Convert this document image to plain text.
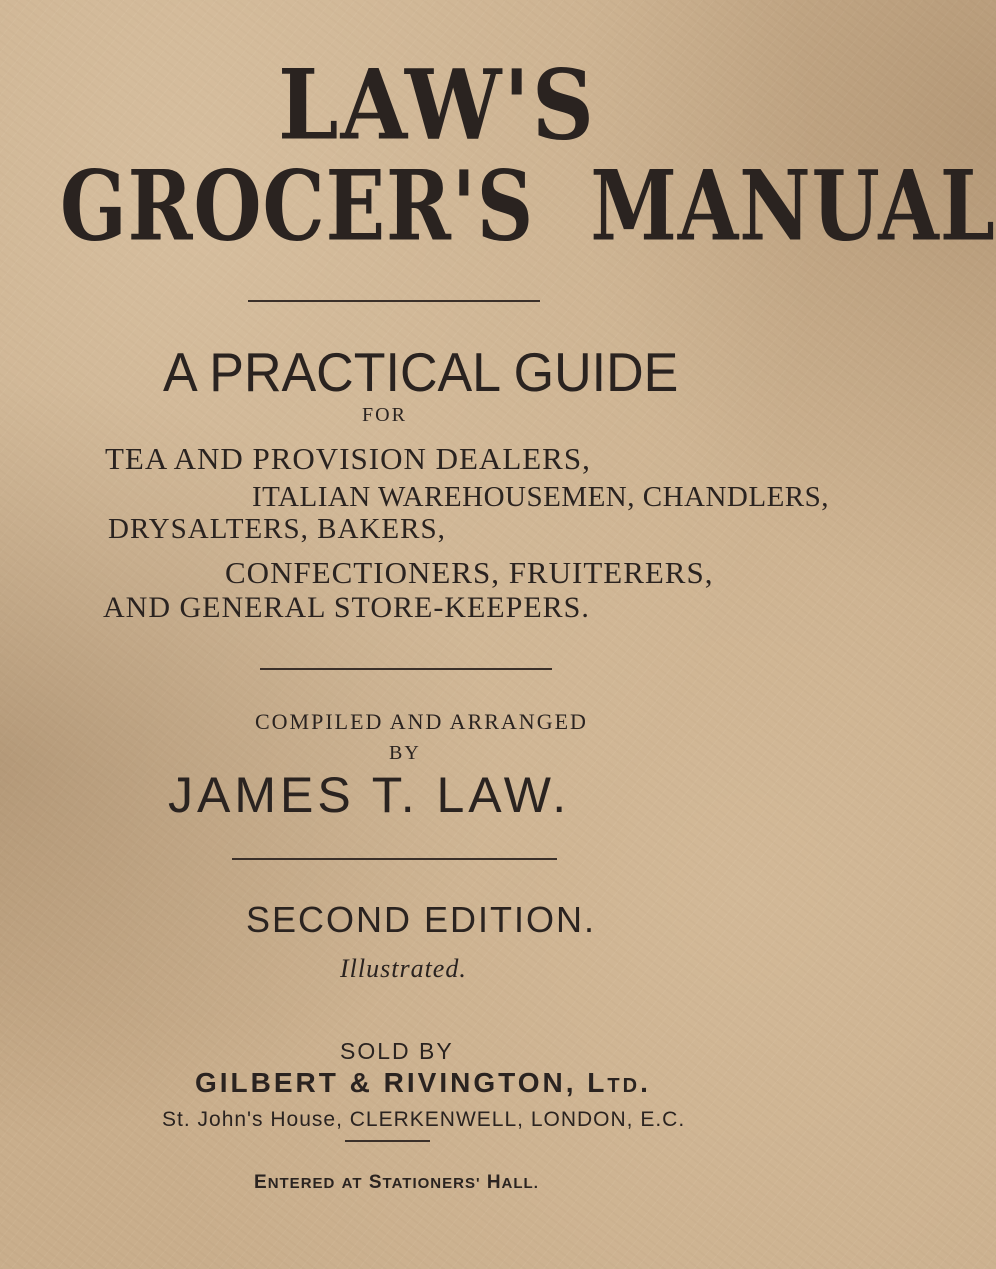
LAW'S

GROCER'S  MANUAL

A PRACTICAL GUIDE

FOR

TEA AND PROVISION DEALERS,

ITALIAN WAREHOUSEMEN, CHANDLERS,

DRYSALTERS, BAKERS,

CONFECTIONERS, FRUITERERS,

AND GENERAL STORE-KEEPERS.

COMPILED AND ARRANGED

BY

JAMES T. LAW.

SECOND EDITION.

Illustrated.

SOLD BY

GILBERT & RIVINGTON, LTD.

St. John's House, CLERKENWELL, LONDON, E.C.

ENTERED AT STATIONERS' HALL.
